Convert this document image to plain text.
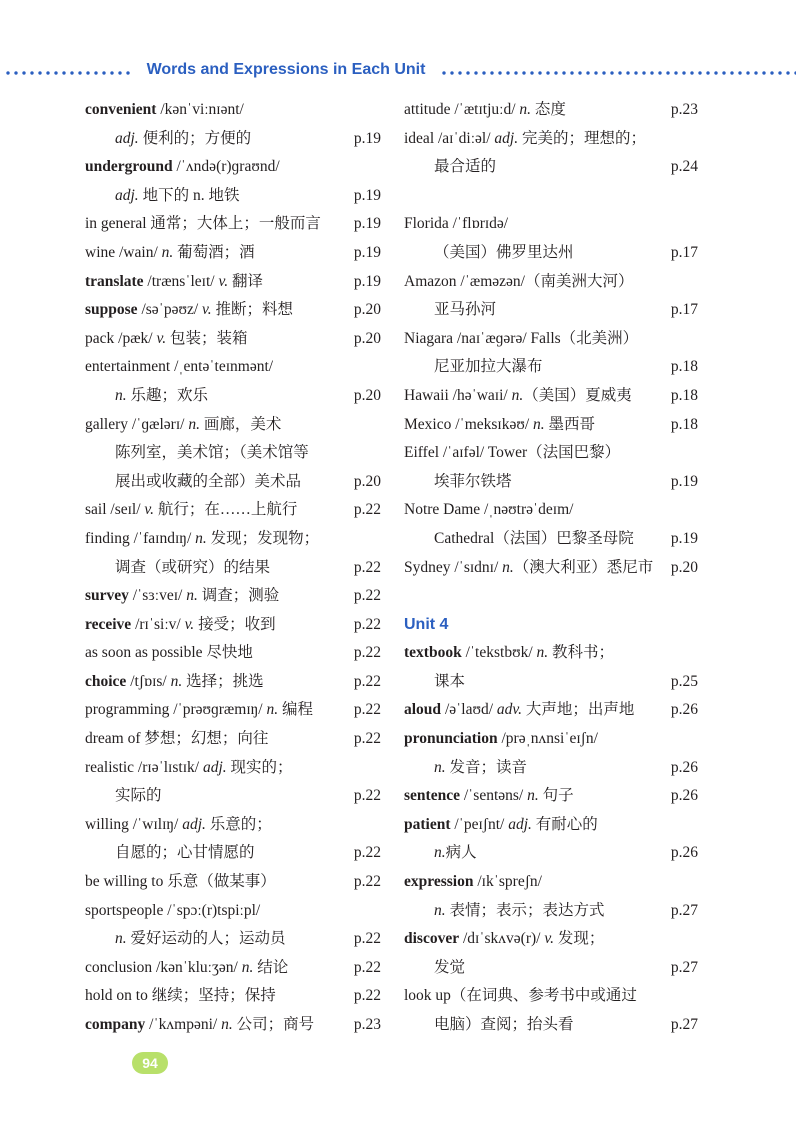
Words and Expressions in Each Unit
convenient /kənˈviːnɪənt/
adj. 便利的；方便的	p.19
underground /ˈʌndə(r)ɡraʊnd/
adj. 地下的 n. 地铁	p.19
in general 通常；大体上；一般而言 p.19
wine /wain/ n. 葡萄酒；酒	p.19
translate /trænsˈleɪt/ v. 翻译	p.19
suppose /səˈpəʊz/ v. 推断；料想	p.20
pack /pæk/ v. 包装；装箱	p.20
entertainment /ˌentəˈteɪnmənt/
n. 乐趣；欢乐	p.20
gallery /ˈɡælərɪ/ n. 画廊，美术
陈列室，美术馆；（美术馆等
展出或收藏的全部）美术品	p.20
sail /seɪl/ v. 航行；在……上航行	p.22
finding /ˈfaɪndɪŋ/ n. 发现；发现物；
调查（或研究）的结果	p.22
survey /ˈsɜːveɪ/ n. 调查；测验	p.22
receive /rɪˈsiːv/ v. 接受；收到	p.22
as soon as possible 尽快地	p.22
choice /tʃɒɪs/ n. 选择；挑选	p.22
programming /ˈprəʊɡræmɪŋ/ n. 编程	p.22
dream of 梦想；幻想；向往	p.22
realistic /rɪəˈlɪstɪk/ adj. 现实的；
实际的	p.22
willing /ˈwɪlɪŋ/ adj. 乐意的；
自愿的；心甘情愿的	p.22
be willing to 乐意（做某事）	p.22
sportspeople /ˈspɔː(r)tspiːpl/
n. 爱好运动的人；运动员	p.22
conclusion /kənˈkluːʒən/ n. 结论	p.22
hold on to 继续；坚持；保持	p.22
company /ˈkʌmpəni/ n. 公司；商号	p.23
attitude /ˈætɪtjuːd/ n. 态度	p.23
ideal /aɪˈdiːəl/ adj. 完美的；理想的；
最合适的	p.24
Florida /ˈflɒrɪdə/
（美国）佛罗里达州	p.17
Amazon /ˈæməzən/（南美洲大河）
亚马孙河	p.17
Niagara /naɪˈæɡərə/ Falls（北美洲）
尼亚加拉大瀑布	p.18
Hawaii /həˈwaɪi/ n.（美国）夏威夷	p.18
Mexico /ˈmeksɪkəʊ/ n. 墨西哥	p.18
Eiffel /ˈaɪfəl/ Tower（法国巴黎）
埃菲尔铁塔	p.19
Notre Dame /ˌnəʊtrəˈdeɪm/
Cathedral（法国）巴黎圣母院 p.19
Sydney /ˈsɪdnɪ/ n.（澳大利亚）悉尼市 p.20
Unit 4
textbook /ˈtekstbʊk/ n. 教科书；
课本	p.25
aloud /əˈlaʊd/ adv. 大声地；出声地 p.26
pronunciation /prəˌnʌnsiˈeɪʃn/
n. 发音；读音	p.26
sentence /ˈsentəns/ n. 句子	p.26
patient /ˈpeɪʃnt/ adj. 有耐心的
n.病人	p.26
expression /ɪkˈspreʃn/
n. 表情；表示；表达方式	p.27
discover /dɪˈskʌvə(r)/ v. 发现；
发觉	p.27
look up（在词典、参考书中或通过
电脑）查阅；抬头看	p.27
94
